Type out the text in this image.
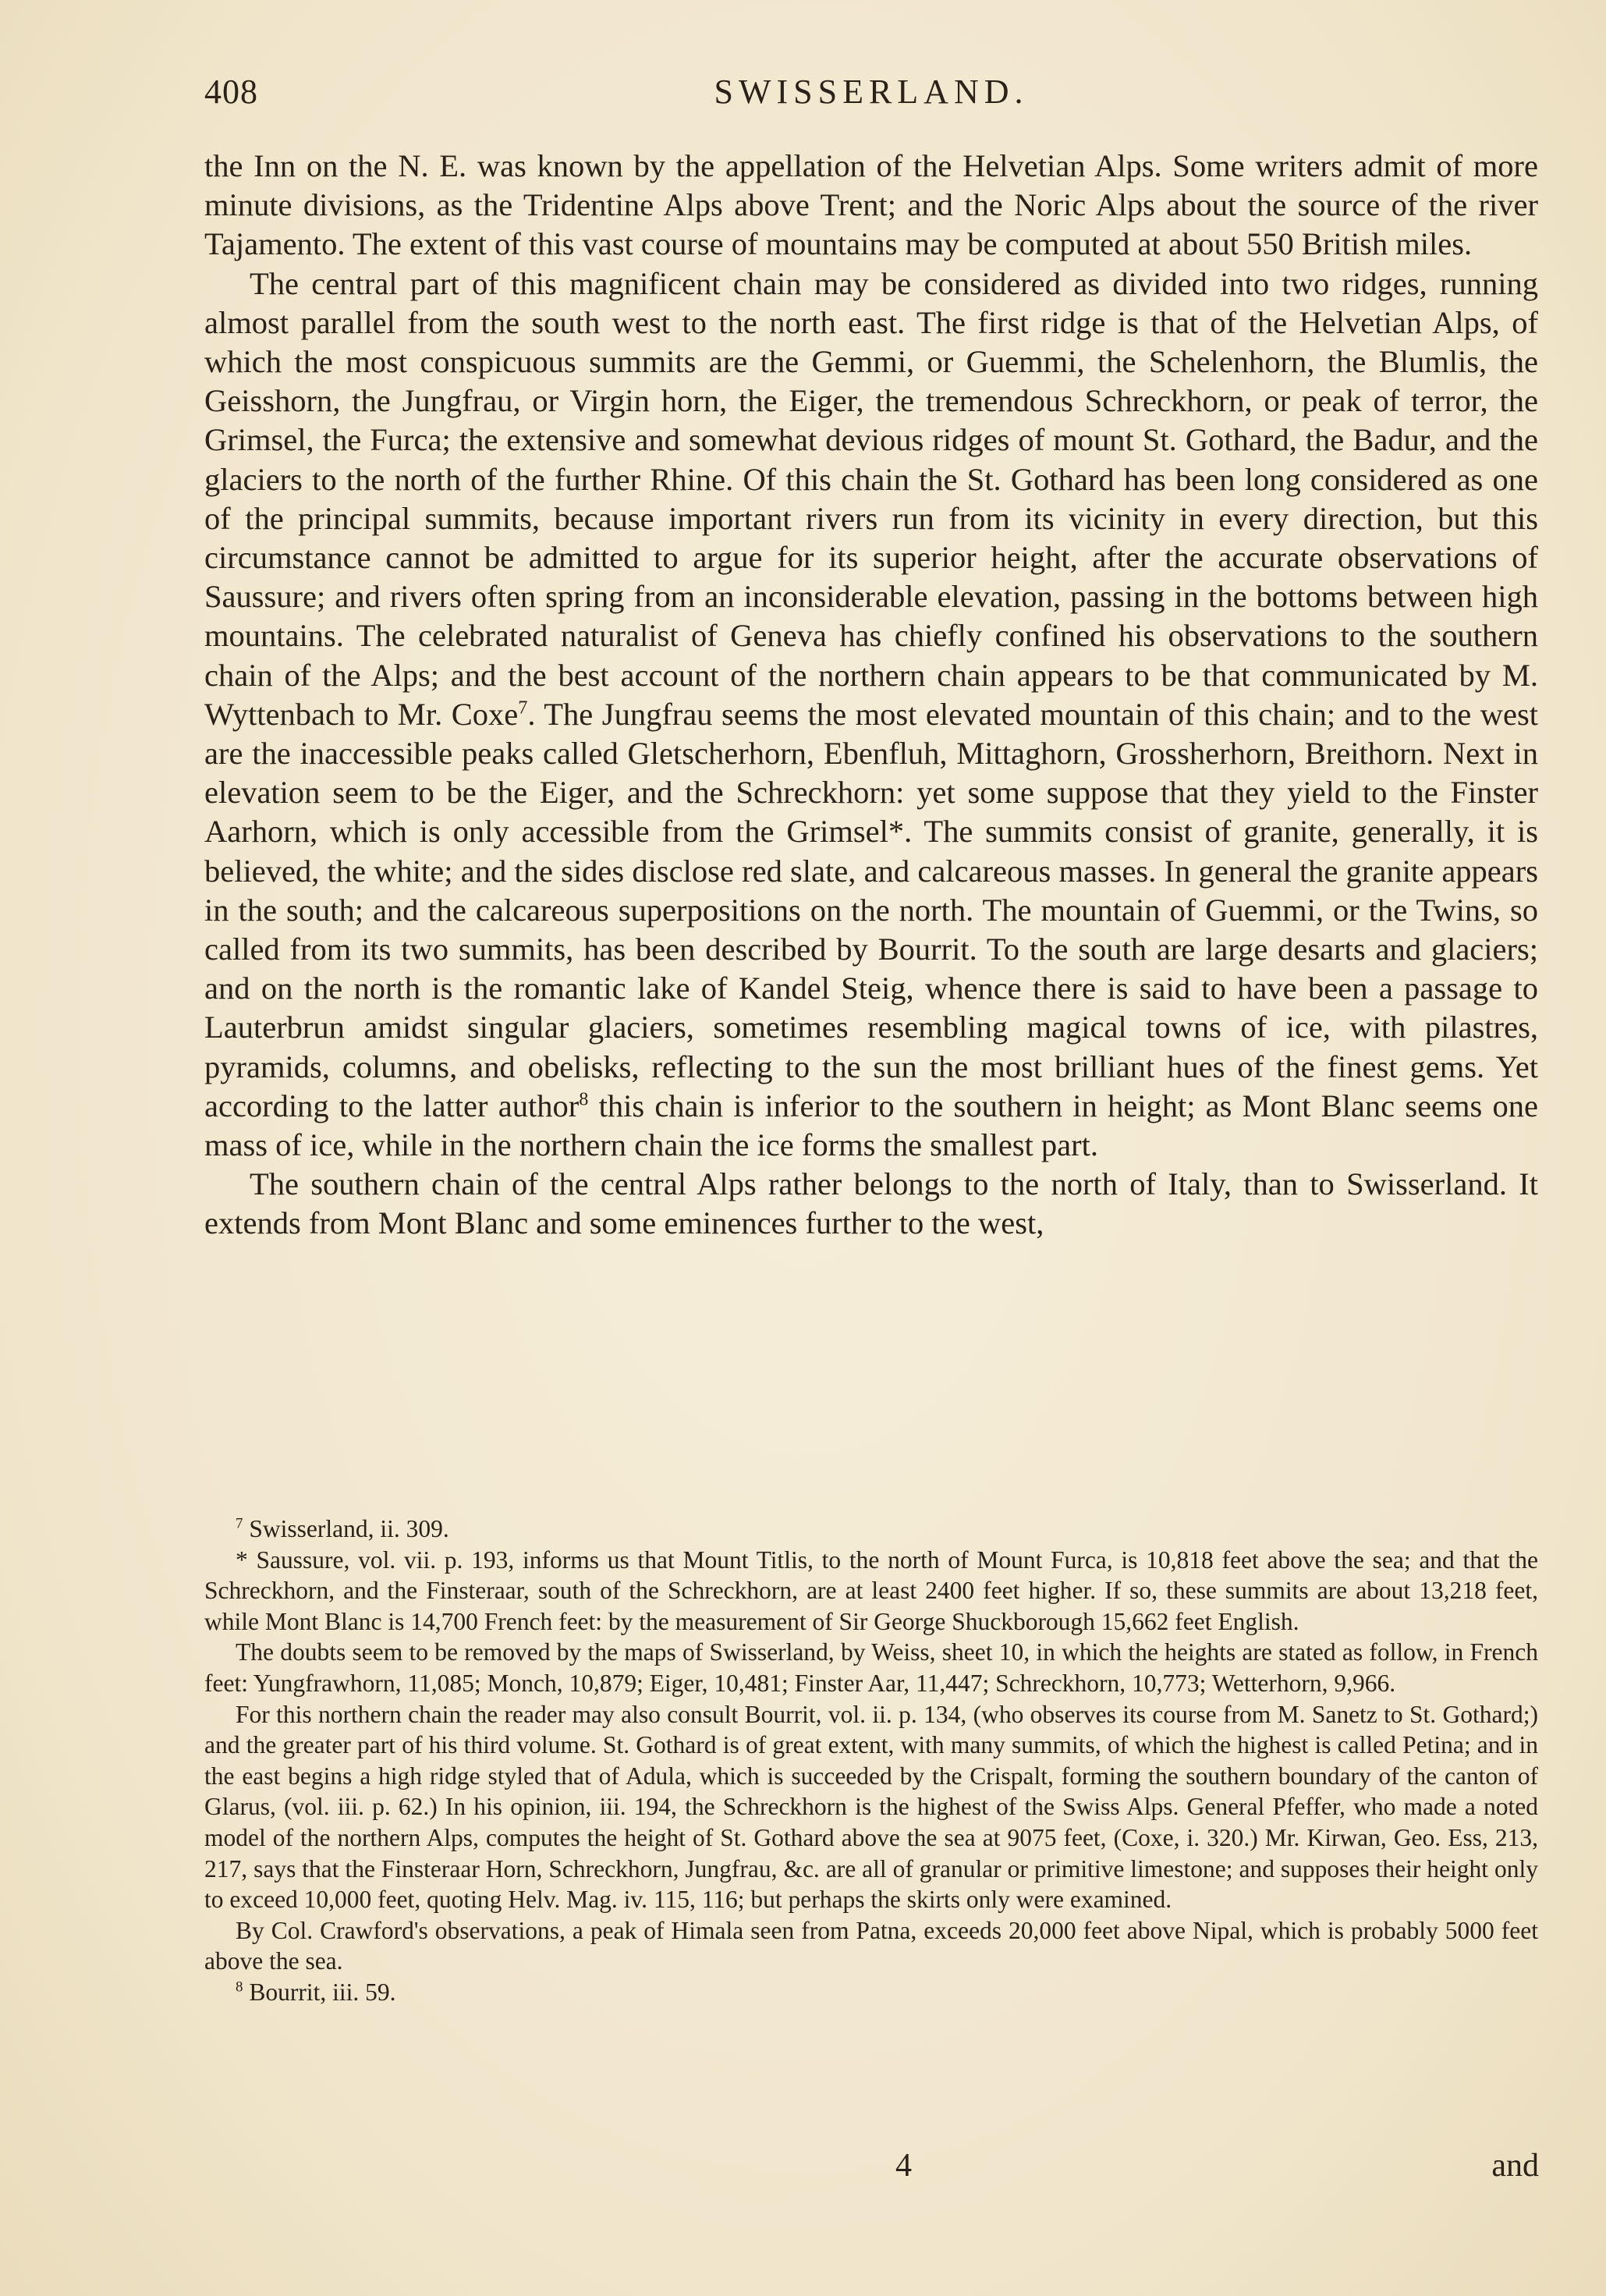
408	SWISSERLAND.

the Inn on the N. E. was known by the appellation of the Helvetian Alps. Some writers admit of more minute divisions, as the Tridentine Alps above Trent; and the Noric Alps about the source of the river Tajamento. The extent of this vast course of mountains may be computed at about 550 British miles.

The central part of this magnificent chain may be considered as divided into two ridges, running almost parallel from the south west to the north east. The first ridge is that of the Helvetian Alps, of which the most conspicuous summits are the Gemmi, or Guemmi, the Schelenhorn, the Blumlis, the Geisshorn, the Jungfrau, or Virgin horn, the Eiger, the tremendous Schreckhorn, or peak of terror, the Grimsel, the Furca; the extensive and somewhat devious ridges of mount St. Gothard, the Badur, and the glaciers to the north of the further Rhine. Of this chain the St. Gothard has been long considered as one of the principal summits, because important rivers run from its vicinity in every direction, but this circumstance cannot be admitted to argue for its superior height, after the accurate observations of Saussure; and rivers often spring from an inconsiderable elevation, passing in the bottoms between high mountains. The celebrated naturalist of Geneva has chiefly confined his observations to the southern chain of the Alps; and the best account of the northern chain appears to be that communicated by M. Wyttenbach to Mr. Coxe$^7$. The Jungfrau seems the most elevated mountain of this chain; and to the west are the inaccessible peaks called Gletscherhorn, Ebenfluh, Mittaghorn, Grossherhorn, Breithorn. Next in elevation seem to be the Eiger, and the Schreckhorn: yet some suppose that they yield to the Finster Aarhorn, which is only accessible from the Grimsel*. The summits consist of granite, generally, it is believed, the white; and the sides disclose red slate, and calcareous masses. In general the granite appears in the south; and the calcareous superpositions on the north. The mountain of Guemmi, or the Twins, so called from its two summits, has been described by Bourrit. To the south are large desarts and glaciers; and on the north is the romantic lake of Kandel Steig, whence there is said to have been a passage to Lauterbrun amidst singular glaciers, sometimes resembling magical towns of ice, with pilastres, pyramids, columns, and obelisks, reflecting to the sun the most brilliant hues of the finest gems. Yet according to the latter author$^8$ this chain is inferior to the southern in height; as Mont Blanc seems one mass of ice, while in the northern chain the ice forms the smallest part.

The southern chain of the central Alps rather belongs to the north of Italy, than to Swisserland. It extends from Mont Blanc and some eminences further to the west,

$^7$ Swisserland, ii. 309.

* Saussure, vol. vii. p. 193, informs us that Mount Titlis, to the north of Mount Furca, is 10,818 feet above the sea; and that the Schreckhorn, and the Finsteraar, south of the Schreckhorn, are at least 2400 feet higher. If so, these summits are about 13,218 feet, while Mont Blanc is 14,700 French feet: by the measurement of Sir George Shuckborough 15,662 feet English.

The doubts seem to be removed by the maps of Swisserland, by Weiss, sheet 10, in which the heights are stated as follow, in French feet: Yungfrawhorn, 11,085; Monch, 10,879; Eiger, 10,481; Finster Aar, 11,447; Schreckhorn, 10,773; Wetterhorn, 9,966.

For this northern chain the reader may also consult Bourrit, vol. ii. p. 134, (who observes its course from M. Sanetz to St. Gothard;) and the greater part of his third volume. St. Gothard is of great extent, with many summits, of which the highest is called Petina; and in the east begins a high ridge styled that of Adula, which is succeeded by the Crispalt, forming the southern boundary of the canton of Glarus, (vol. iii. p. 62.) In his opinion, iii. 194, the Schreckhorn is the highest of the Swiss Alps. General Pfeffer, who made a noted model of the northern Alps, computes the height of St. Gothard above the sea at 9075 feet, (Coxe, i. 320.) Mr. Kirwan, Geo. Ess, 213, 217, says that the Finsteraar Horn, Schreckhorn, Jungfrau, &c. are all of granular or primitive limestone; and supposes their height only to exceed 10,000 feet, quoting Helv. Mag. iv. 115, 116; but perhaps the skirts only were examined.

By Col. Crawford's observations, a peak of Himala seen from Patna, exceeds 20,000 feet above Nipal, which is probably 5000 feet above the sea.

$^8$ Bourrit, iii. 59.

4	and
